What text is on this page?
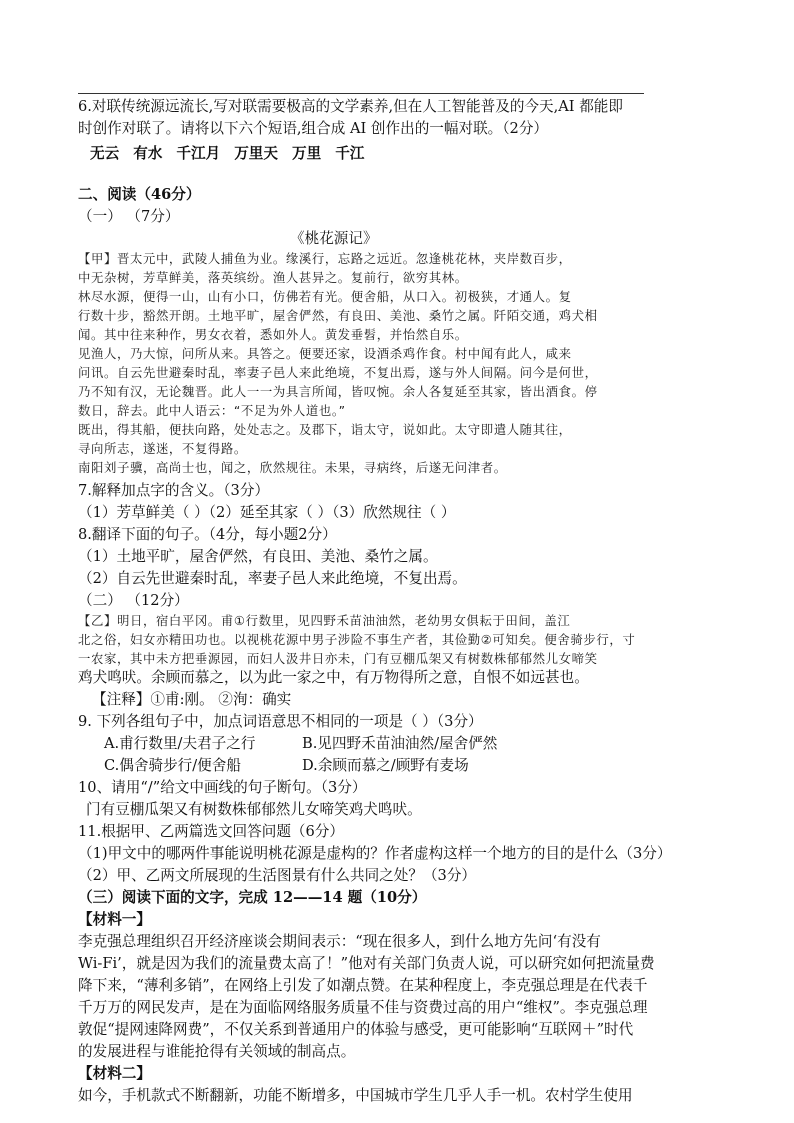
6.对联传统源远流长,写对联需要极高的文学素养,但在人工智能普及的今天,AI 都能即
时创作对联了。请将以下六个短语,组合成 AI 创作出的一幅对联。（2分）
无云 有水 千江月 万里天 万里 千江
二、阅读（46分）
（一） （7分）
《桃花源记》
【甲】晋太元中，武陵人捕鱼为业。缘溪行，忘路之远近。忽逢桃花林，夹岸数百步，
中无杂树，芳草鲜美，落英缤纷。渔人甚异之。复前行，欲穷其林。
林尽水源，便得一山，山有小口，仿佛若有光。便舍船，从口入。初极狭，才通人。复
行数十步，豁然开朗。土地平旷，屋舍俨然，有良田、美池、桑竹之属。阡陌交通，鸡犬相
闻。其中往来种作，男女衣着，悉如外人。黄发垂髫，并怡然自乐。
见渔人，乃大惊，问所从来。具答之。便要还家，设酒杀鸡作食。村中闻有此人，咸来
问讯。自云先世避秦时乱，率妻子邑人来此绝境，不复出焉，遂与外人间隔。问今是何世，
乃不知有汉，无论魏晋。此人一一为具言所闻，皆叹惋。余人各复延至其家，皆出酒食。停
数日，辞去。此中人语云：“不足为外人道也。”
既出，得其船，便扶向路，处处志之。及郡下，诣太守，说如此。太守即遣人随其往，
寻向所志，遂迷，不复得路。
南阳刘子骥，高尚士也，闻之，欣然规往。未果，寻病终，后遂无问津者。
7.解释加点字的含义。（3分）
（1）芳草鲜美（ ）（2）延至其家（ ）（3）欣然规往（ ）
8.翻译下面的句子。（4分，每小题2分）
（1）土地平旷，屋舍俨然，有良田、美池、桑竹之属。
（2）自云先世避秦时乱，率妻子邑人来此绝境，不复出焉。
（二） （12分）
【乙】明日，宿白平冈。甫①行数里，见四野禾苗油油然，老幼男女俱耘于田间，盖江
北之俗，妇女亦精田功也。以视桃花源中男子涉险不事生产者，其俭勤②可知矣。便舍骑步行，寸
一农家，其中未方把垂源园，而妇人汲井日亦未，门有豆棚瓜架又有树数株郁郁然儿女啼笑
鸡犬鸣吠。余顾而慕之，以为此一家之中，有万物得所之意，自恨不如远甚也。
【注释】①甫:刚。 ②洵：确实
9. 下列各组句子中，加点词语意思不相同的一项是（ ）（3分）
A.甫行数里/夫君子之行	B.见四野禾苗油油然/屋舍俨然
C.偶舍骑步行/便舍船	D.余顾而慕之/顾野有麦场
10、请用“/”给文中画线的句子断句。（3分）
门有豆棚瓜架又有树数株郁郁然儿女啼笑鸡犬鸣吠。
11.根据甲、乙两篇选文回答问题（6分）
（1)甲文中的哪两件事能说明桃花源是虚构的？作者虚构这样一个地方的目的是什么（3分）
（2）甲、乙两文所展现的生活图景有什么共同之处？（3分）
（三）阅读下面的文字，完成 12——14 题（10分）
【材料一】
李克强总理组织召开经济座谈会期间表示：“现在很多人，到什么地方先问‘有没有
Wi-Fi’，就是因为我们的流量费太高了！”他对有关部门负责人说，可以研究如何把流量费
降下来，“薄利多销”，在网络上引发了如潮点赞。在某种程度上，李克强总理是在代表千
千万万的网民发声，是在为面临网络服务质量不佳与资费过高的用户“维权”。李克强总理
敦促“提网速降网费”，不仅关系到普通用户的体验与感受，更可能影响“互联网＋”时代
的发展进程与谁能抢得有关领域的制高点。
【材料二】
如今，手机款式不断翻新，功能不断增多，中国城市学生几乎人手一机。农村学生使用
